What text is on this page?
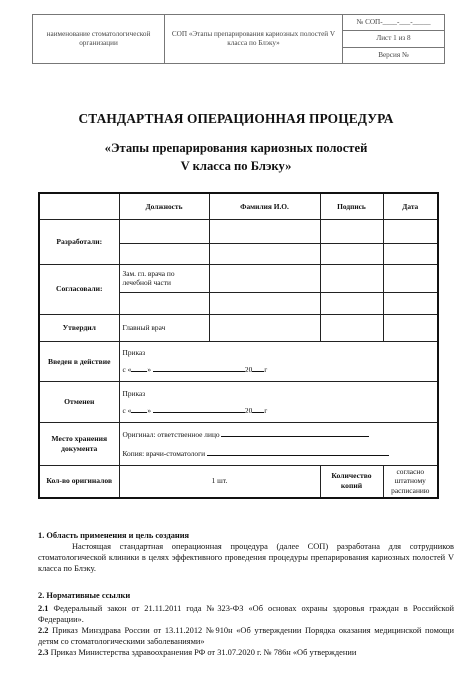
наименование стоматологической организации	СОП «Этапы препарирования кариозных полостей V класса по Блэку»	№ СОП-____-___-_____
Лист 1 из 8
Версия №
СТАНДАРТНАЯ ОПЕРАЦИОННАЯ ПРОЦЕДУРА
«Этапы препарирования кариозных полостей
V класса по Блэку»
	Должность	Фамилия И.О.	Подпись	Дата
Разработали:				

Согласовали:	Зам. гл. врача по лечебной части			

Утвердил	Главный врач			
Введен в действие	Приказ
с « » 20 г			

Отменен	Приказ
с « » 20 г			

Место хранения документа	Оригинал: ответственное лицо
Копия: врачи-стоматологи			

Кол-во оригиналов	1 шт.		Количество копий	согласно штатному расписанию
1. Область применения и цель создания

Настоящая стандартная операционная процедура (далее СОП) разработана для сотрудников стоматологической клиники в целях эффективного проведения процедуры препарирования кариозных полостей V класса по Блэку.

2. Нормативные ссылки

2.1 Федеральный закон от 21.11.2011 года №323-ФЗ «Об основах охраны здоровья граждан в Российской Федерации».

2.2 Приказ Минздрава России от 13.11.2012 №910н «Об утверждении Порядка оказания медицинской помощи детям со стоматологическими заболеваниями»

2.3 Приказ Министерства здравоохранения РФ от 31.07.2020 г. № 786н «Об утверждении
